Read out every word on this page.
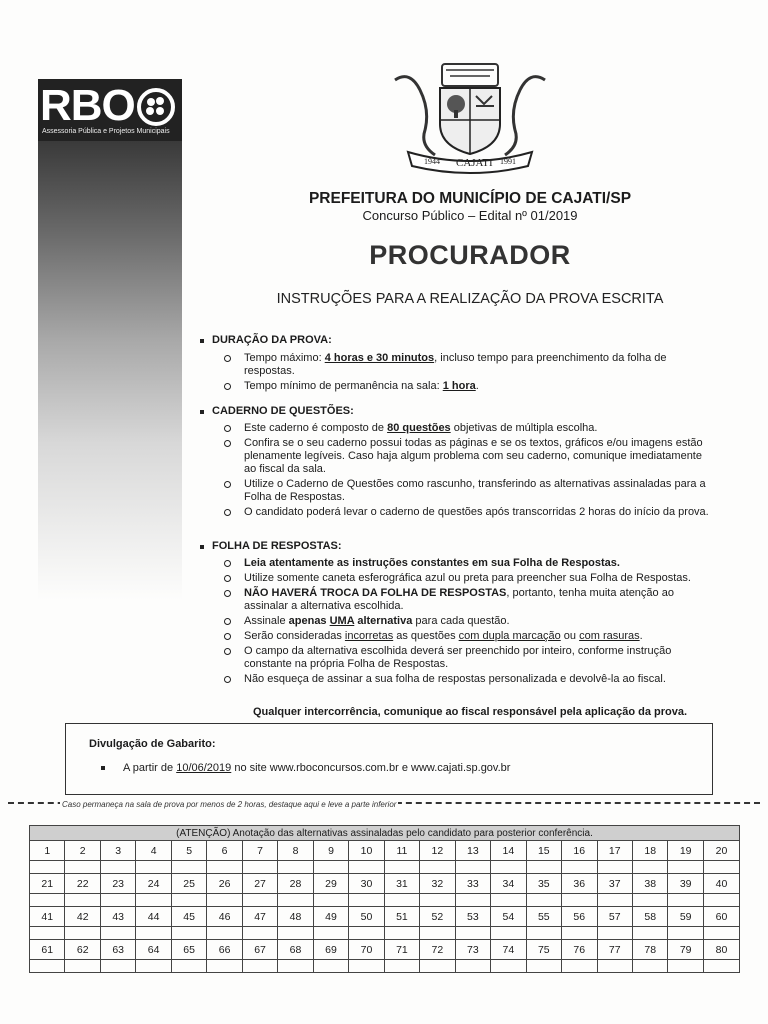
RBO
Assessoria Pública e Projetos Municipais
1944 CAJATI 1991
PREFEITURA DO MUNICÍPIO DE CAJATI/SP
Concurso Público – Edital nº 01/2019
PROCURADOR
INSTRUÇÕES PARA A REALIZAÇÃO DA PROVA ESCRITA
DURAÇÃO DA PROVA:
Tempo máximo: 4 horas e 30 minutos, incluso tempo para preenchimento da folha de respostas.
Tempo mínimo de permanência na sala: 1 hora.
CADERNO DE QUESTÕES:
Este caderno é composto de 80 questões objetivas de múltipla escolha.
Confira se o seu caderno possui todas as páginas e se os textos, gráficos e/ou imagens estão plenamente legíveis. Caso haja algum problema com seu caderno, comunique imediatamente ao fiscal da sala.
Utilize o Caderno de Questões como rascunho, transferindo as alternativas assinaladas para a Folha de Respostas.
O candidato poderá levar o caderno de questões após transcorridas 2 horas do início da prova.
FOLHA DE RESPOSTAS:
Leia atentamente as instruções constantes em sua Folha de Respostas.
Utilize somente caneta esferográfica azul ou preta para preencher sua Folha de Respostas.
NÃO HAVERÁ TROCA DA FOLHA DE RESPOSTAS, portanto, tenha muita atenção ao assinalar a alternativa escolhida.
Assinale apenas UMA alternativa para cada questão.
Serão consideradas incorretas as questões com dupla marcação ou com rasuras.
O campo da alternativa escolhida deverá ser preenchido por inteiro, conforme instrução constante na própria Folha de Respostas.
Não esqueça de assinar a sua folha de respostas personalizada e devolvê-la ao fiscal.
Qualquer intercorrência, comunique ao fiscal responsável pela aplicação da prova.
Divulgação de Gabarito:
A partir de 10/06/2019 no site www.rboconcursos.com.br e www.cajati.sp.gov.br
Caso permaneça na sala de prova por menos de 2 horas, destaque aqui e leve a parte inferior
(ATENÇÃO) Anotação das alternativas assinaladas pelo candidato para posterior conferência.																			
1	2	3	4	5	6	7	8	9	10	11	12	13	14	15	16	17	18	19	20

21	22	23	24	25	26	27	28	29	30	31	32	33	34	35	36	37	38	39	40

41	42	43	44	45	46	47	48	49	50	51	52	53	54	55	56	57	58	59	60

61	62	63	64	65	66	67	68	69	70	71	72	73	74	75	76	77	78	79	80
